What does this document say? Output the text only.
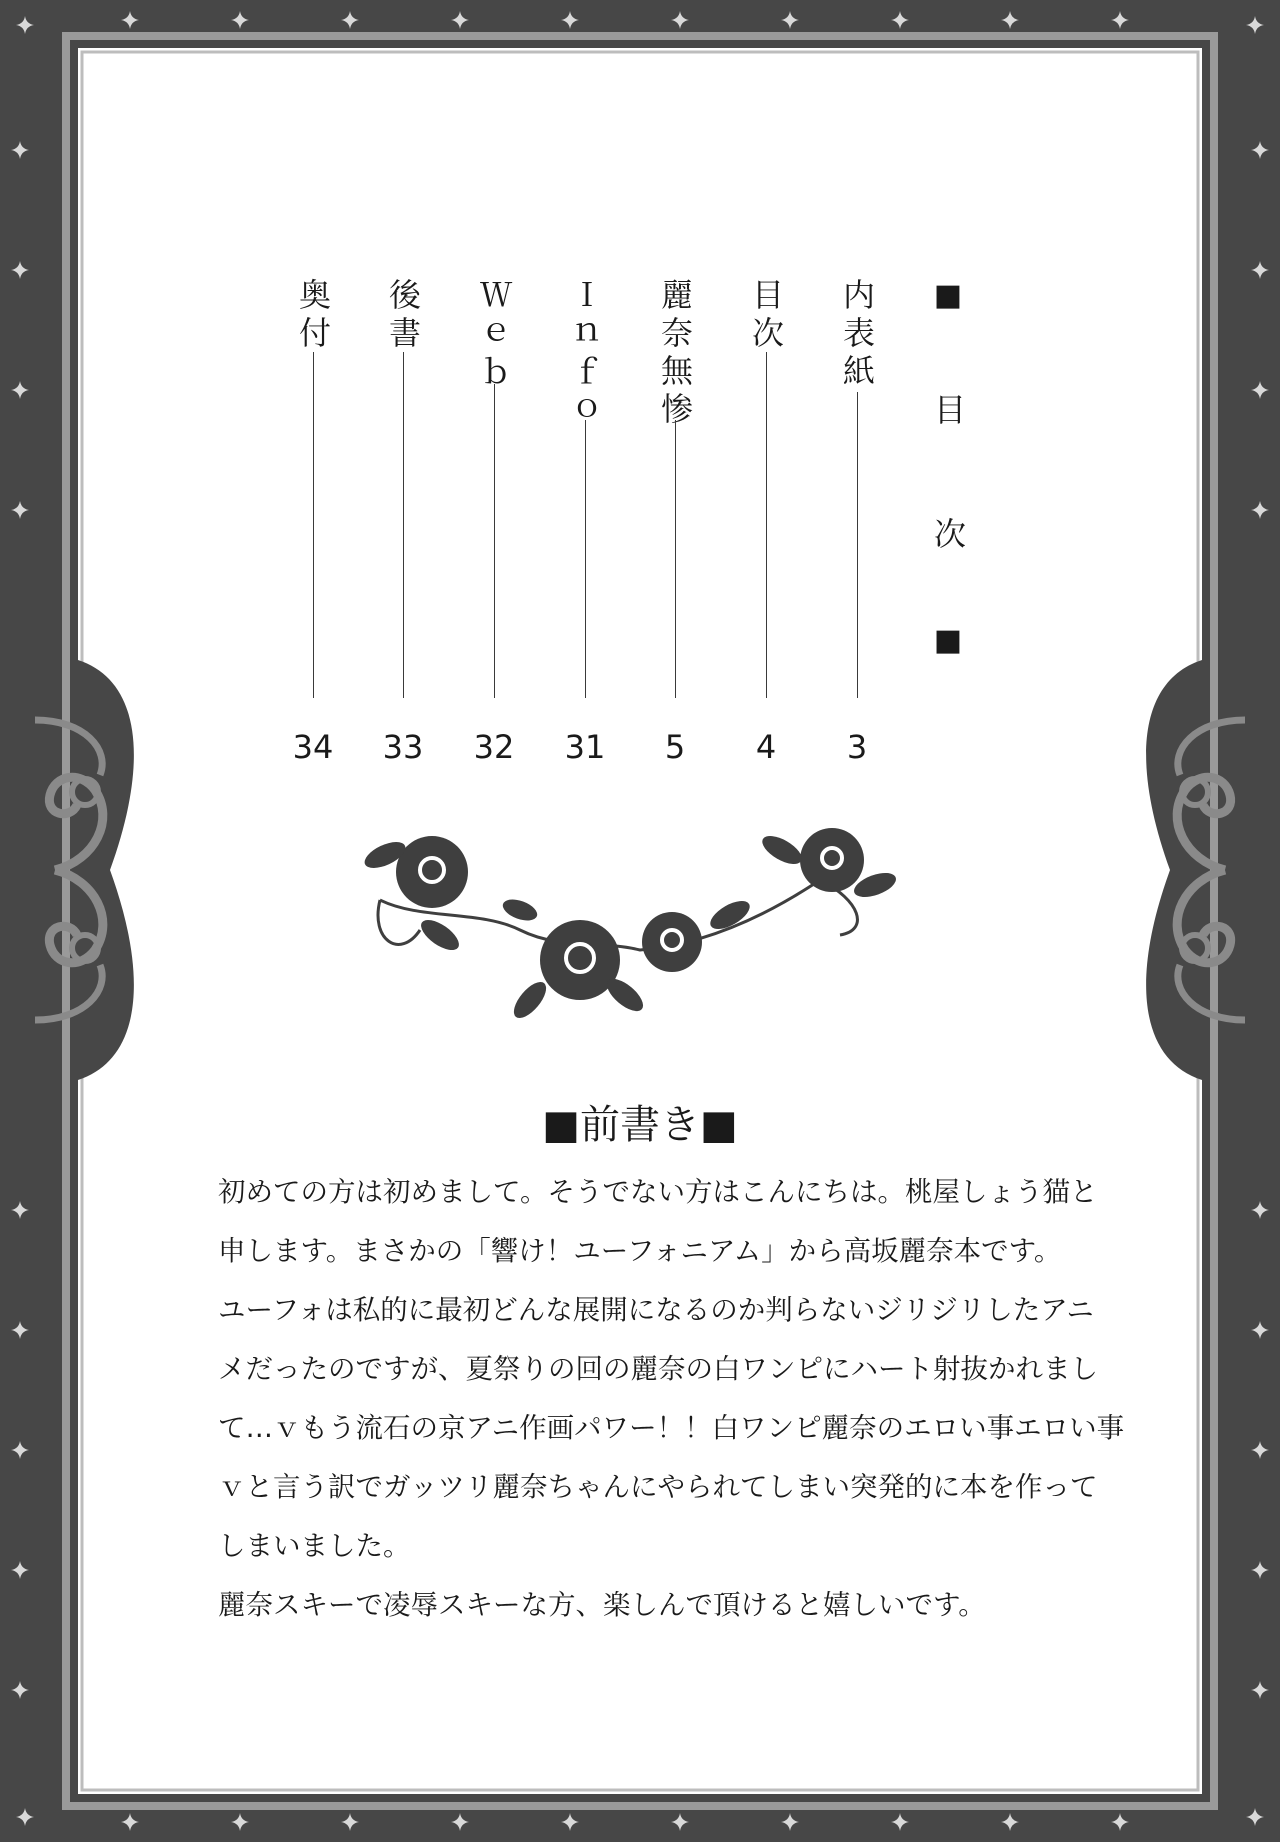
■
目　次
■
内表紙
3
目次
4
麗奈無惨
5
Ｉｎｆｏ
31
Ｗｅｂ
32
後書
33
奥付
34
■前書き■

初めての方は初めまして。そうでない方はこんにちは。桃屋しょう猫と

申します。まさかの「響け！ユーフォニアム」から高坂麗奈本です。

ユーフォは私的に最初どんな展開になるのか判らないジリジリしたアニ

メだったのですが、夏祭りの回の麗奈の白ワンピにハート射抜かれまし

て…ｖもう流石の京アニ作画パワー！！白ワンピ麗奈のエロい事エロい事

ｖと言う訳でガッツリ麗奈ちゃんにやられてしまい突発的に本を作って

しまいました。

麗奈スキーで凌辱スキーな方、楽しんで頂けると嬉しいです。
